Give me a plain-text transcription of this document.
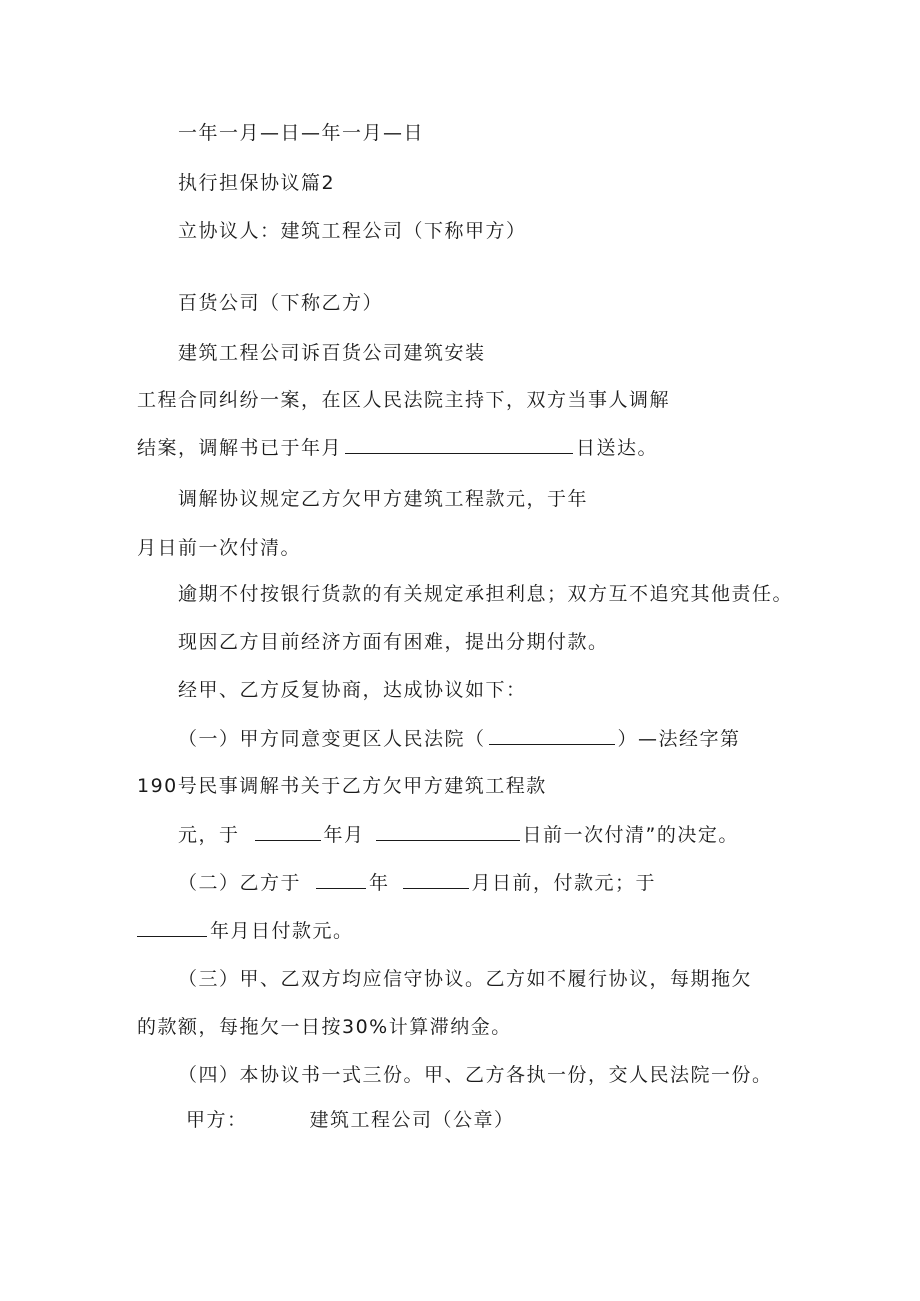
一年一月—日—年一月—日
执行担保协议篇2
立协议人：建筑工程公司（下称甲方）
百货公司（下称乙方）
建筑工程公司诉百货公司建筑安装
工程合同纠纷一案，在区人民法院主持下，双方当事人调解
结案，调解书已于年月	日送达。
调解协议规定乙方欠甲方建筑工程款元，于年
月日前一次付清。
逾期不付按银行货款的有关规定承担利息；双方互不追究其他责任。
现因乙方目前经济方面有困难，提出分期付款。
经甲、乙方反复协商，达成协议如下：
（一）甲方同意变更区人民法院（	）—法经字第
190号民事调解书关于乙方欠甲方建筑工程款
元，于	年月	日前一次付清”的决定。
（二）乙方于	年	月日前，付款元；于
年月日付款元。
（三）甲、乙双方均应信守协议。乙方如不履行协议，每期拖欠
的款额，每拖欠一日按30%计算滞纳金。
（四）本协议书一式三份。甲、乙方各执一份，交人民法院一份。
甲方：	建筑工程公司（公章）
